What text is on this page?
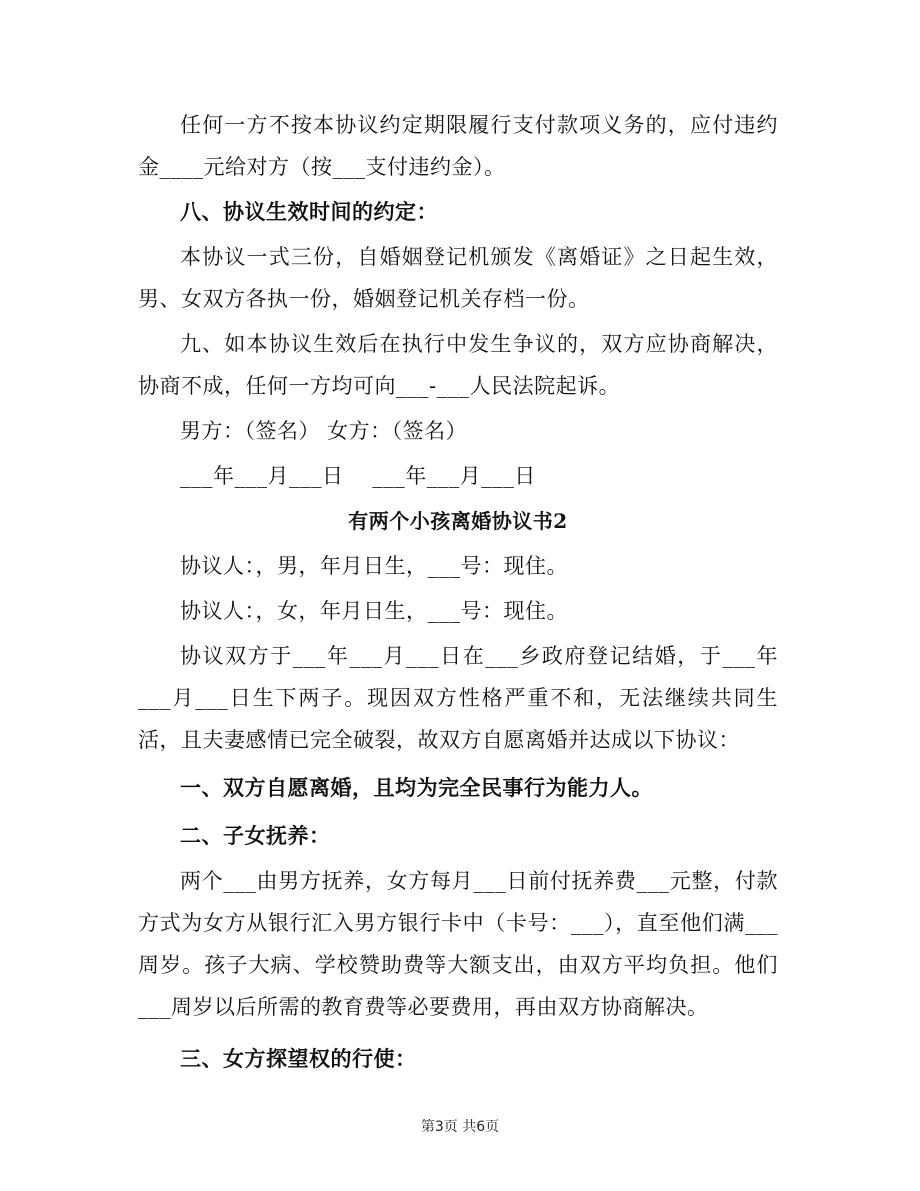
任何一方不按本协议约定期限履行支付款项义务的，应付违约金____元给对方（按___支付违约金）。

八、协议生效时间的约定：

本协议一式三份，自婚姻登记机颁发《离婚证》之日起生效，男、女双方各执一份，婚姻登记机关存档一份。

九、如本协议生效后在执行中发生争议的，双方应协商解决，协商不成，任何一方均可向___-___人民法院起诉。

男方：（签名） 女方：（签名）

___年___月___日    ___年___月___日

有两个小孩离婚协议书2

协议人：，男，年月日生，___号：现住。

协议人：，女，年月日生，___号：现住。

协议双方于___年___月___日在___乡政府登记结婚，于___年___月___日生下两子。现因双方性格严重不和，无法继续共同生活，且夫妻感情已完全破裂，故双方自愿离婚并达成以下协议：

一、双方自愿离婚，且均为完全民事行为能力人。

二、子女抚养：

两个___由男方抚养，女方每月___日前付抚养费___元整，付款方式为女方从银行汇入男方银行卡中（卡号：___），直至他们满___周岁。孩子大病、学校赞助费等大额支出，由双方平均负担。他们___周岁以后所需的教育费等必要费用，再由双方协商解决。

三、女方探望权的行使：

第3页 共6页
